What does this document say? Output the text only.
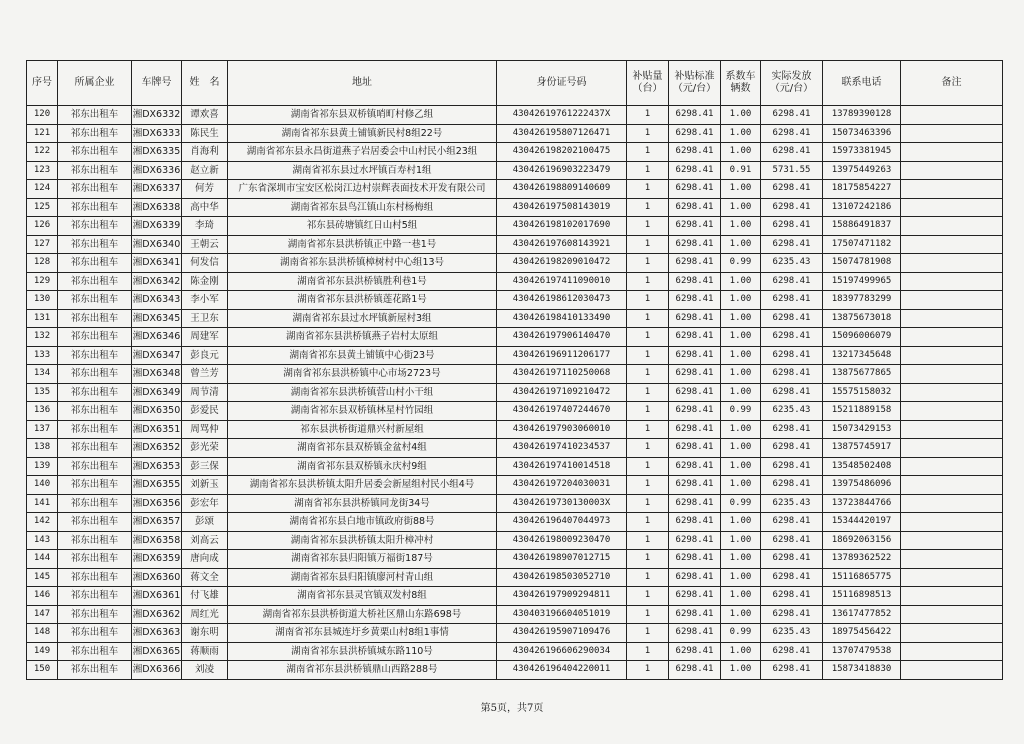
序号	所属企业	车牌号	姓　名	地址	身份证号码	补贴量（台）	补贴标准（元/台）	系数车辆数	实际发放（元/台）	联系电话	备注
120	祁东出租车	湘DX6332	谭欢喜	湖南省祁东县双桥镇哨町村修乙组	43042619761222437X	1	6298.41	1.00	6298.41	13789390128	
121	祁东出租车	湘DX6333	陈民生	湖南省祁东县黄土铺镇新民村8组22号	430426195807126471	1	6298.41	1.00	6298.41	15073463396	
122	祁东出租车	湘DX6335	肖海利	湖南省祁东县永昌街道燕子岩居委会中山村民小组23组	430426198202100475	1	6298.41	1.00	6298.41	15973381945	
123	祁东出租车	湘DX6336	赵立新	湖南省祁东县过水坪镇百寿村1组	430426196903223479	1	6298.41	0.91	5731.55	13975449263	
124	祁东出租车	湘DX6337	何芳	广东省深圳市宝安区松岗江边村崇辉表面技术开发有限公司	430426198809140609	1	6298.41	1.00	6298.41	18175854227	
125	祁东出租车	湘DX6338	高中华	湖南省祁东县鸟江镇山东村杨梅组	430426197508143019	1	6298.41	1.00	6298.41	13107242186	
126	祁东出租车	湘DX6339	李琦	祁东县砖塘镇红日山村5组	430426198102017690	1	6298.41	1.00	6298.41	15886491837	
127	祁东出租车	湘DX6340	王朝云	湖南省祁东县洪桥镇正中路一巷1号	430426197608143921	1	6298.41	1.00	6298.41	17507471182	
128	祁东出租车	湘DX6341	何发信	湖南省祁东县洪桥镇樟树村中心组13号	430426198209010472	1	6298.41	0.99	6235.43	15074781908	
129	祁东出租车	湘DX6342	陈金刚	湖南省祁东县洪桥镇胜利巷1号	430426197411090010	1	6298.41	1.00	6298.41	15197499965	
130	祁东出租车	湘DX6343	李小军	湖南省祁东县洪桥镇莲花路1号	430426198612030473	1	6298.41	1.00	6298.41	18397783299	
131	祁东出租车	湘DX6345	王卫东	湖南省祁东县过水坪镇新屋村3组	430426198410133490	1	6298.41	1.00	6298.41	13875673018	
132	祁东出租车	湘DX6346	周建军	湖南省祁东县洪桥镇燕子岩村太原组	430426197906140470	1	6298.41	1.00	6298.41	15096006079	
133	祁东出租车	湘DX6347	彭良元	湖南省祁东县黄土铺镇中心街23号	430426196911206177	1	6298.41	1.00	6298.41	13217345648	
134	祁东出租车	湘DX6348	曾兰芳	湖南省祁东县洪桥镇中心市场2723号	430426197110250068	1	6298.41	1.00	6298.41	13875677865	
135	祁东出租车	湘DX6349	周节清	湖南省祁东县洪桥镇营山村小干组	430426197109210472	1	6298.41	1.00	6298.41	15575158032	
136	祁东出租车	湘DX6350	彭爱民	湖南省祁东县双桥镇林星村竹园组	430426197407244670	1	6298.41	0.99	6235.43	15211889158	
137	祁东出租车	湘DX6351	周骂仲	祁东县洪桥街道鼎兴村新屋组	430426197903060010	1	6298.41	1.00	6298.41	15073429153	
138	祁东出租车	湘DX6352	彭光荣	湖南省祁东县双桥镇金盆村4组	430426197410234537	1	6298.41	1.00	6298.41	13875745917	
139	祁东出租车	湘DX6353	彭三保	湖南省祁东县双桥镇永庆村9组	430426197410014518	1	6298.41	1.00	6298.41	13548502408	
140	祁东出租车	湘DX6355	刘新玉	湖南省祁东县洪桥镇太阳升居委会新屋组村民小组4号	430426197204030031	1	6298.41	1.00	6298.41	13975486096	
141	祁东出租车	湘DX6356	彭宏年	湖南省祁东县洪桥镇同龙街34号	43042619730130003X	1	6298.41	0.99	6235.43	13723844766	
142	祁东出租车	湘DX6357	彭颂	湖南省祁东县白地市镇政府街88号	430426196407044973	1	6298.41	1.00	6298.41	15344420197	
143	祁东出租车	湘DX6358	刘高云	湖南省祁东县洪桥镇太阳升樟冲村	430426198009230470	1	6298.41	1.00	6298.41	18692063156	
144	祁东出租车	湘DX6359	唐向成	湖南省祁东县归阳镇万福街187号	430426198907012715	1	6298.41	1.00	6298.41	13789362522	
145	祁东出租车	湘DX6360	蒋文全	湖南省祁东县归阳镇廖河村青山组	430426198503052710	1	6298.41	1.00	6298.41	15116865775	
146	祁东出租车	湘DX6361	付飞雄	湖南省祁东县灵官镇双发村8组	430426197909294811	1	6298.41	1.00	6298.41	15116898513	
147	祁东出租车	湘DX6362	周红光	湖南省祁东县洪桥街道大桥社区鼎山东路698号	430403196604051019	1	6298.41	1.00	6298.41	13617477852	
148	祁东出租车	湘DX6363	谢东明	湖南省祁东县城连圩乡黄栗山村8组1事情	430426195907109476	1	6298.41	0.99	6235.43	18975456422	
149	祁东出租车	湘DX6365	蒋顺雨	湖南省祁东县洪桥镇城东路110号	430426196606290034	1	6298.41	1.00	6298.41	13707479538	
150	祁东出租车	湘DX6366	刘凌	湖南省祁东县洪桥镇鼎山西路288号	430426196404220011	1	6298.41	1.00	6298.41	15873418830	
第5页，共7页
